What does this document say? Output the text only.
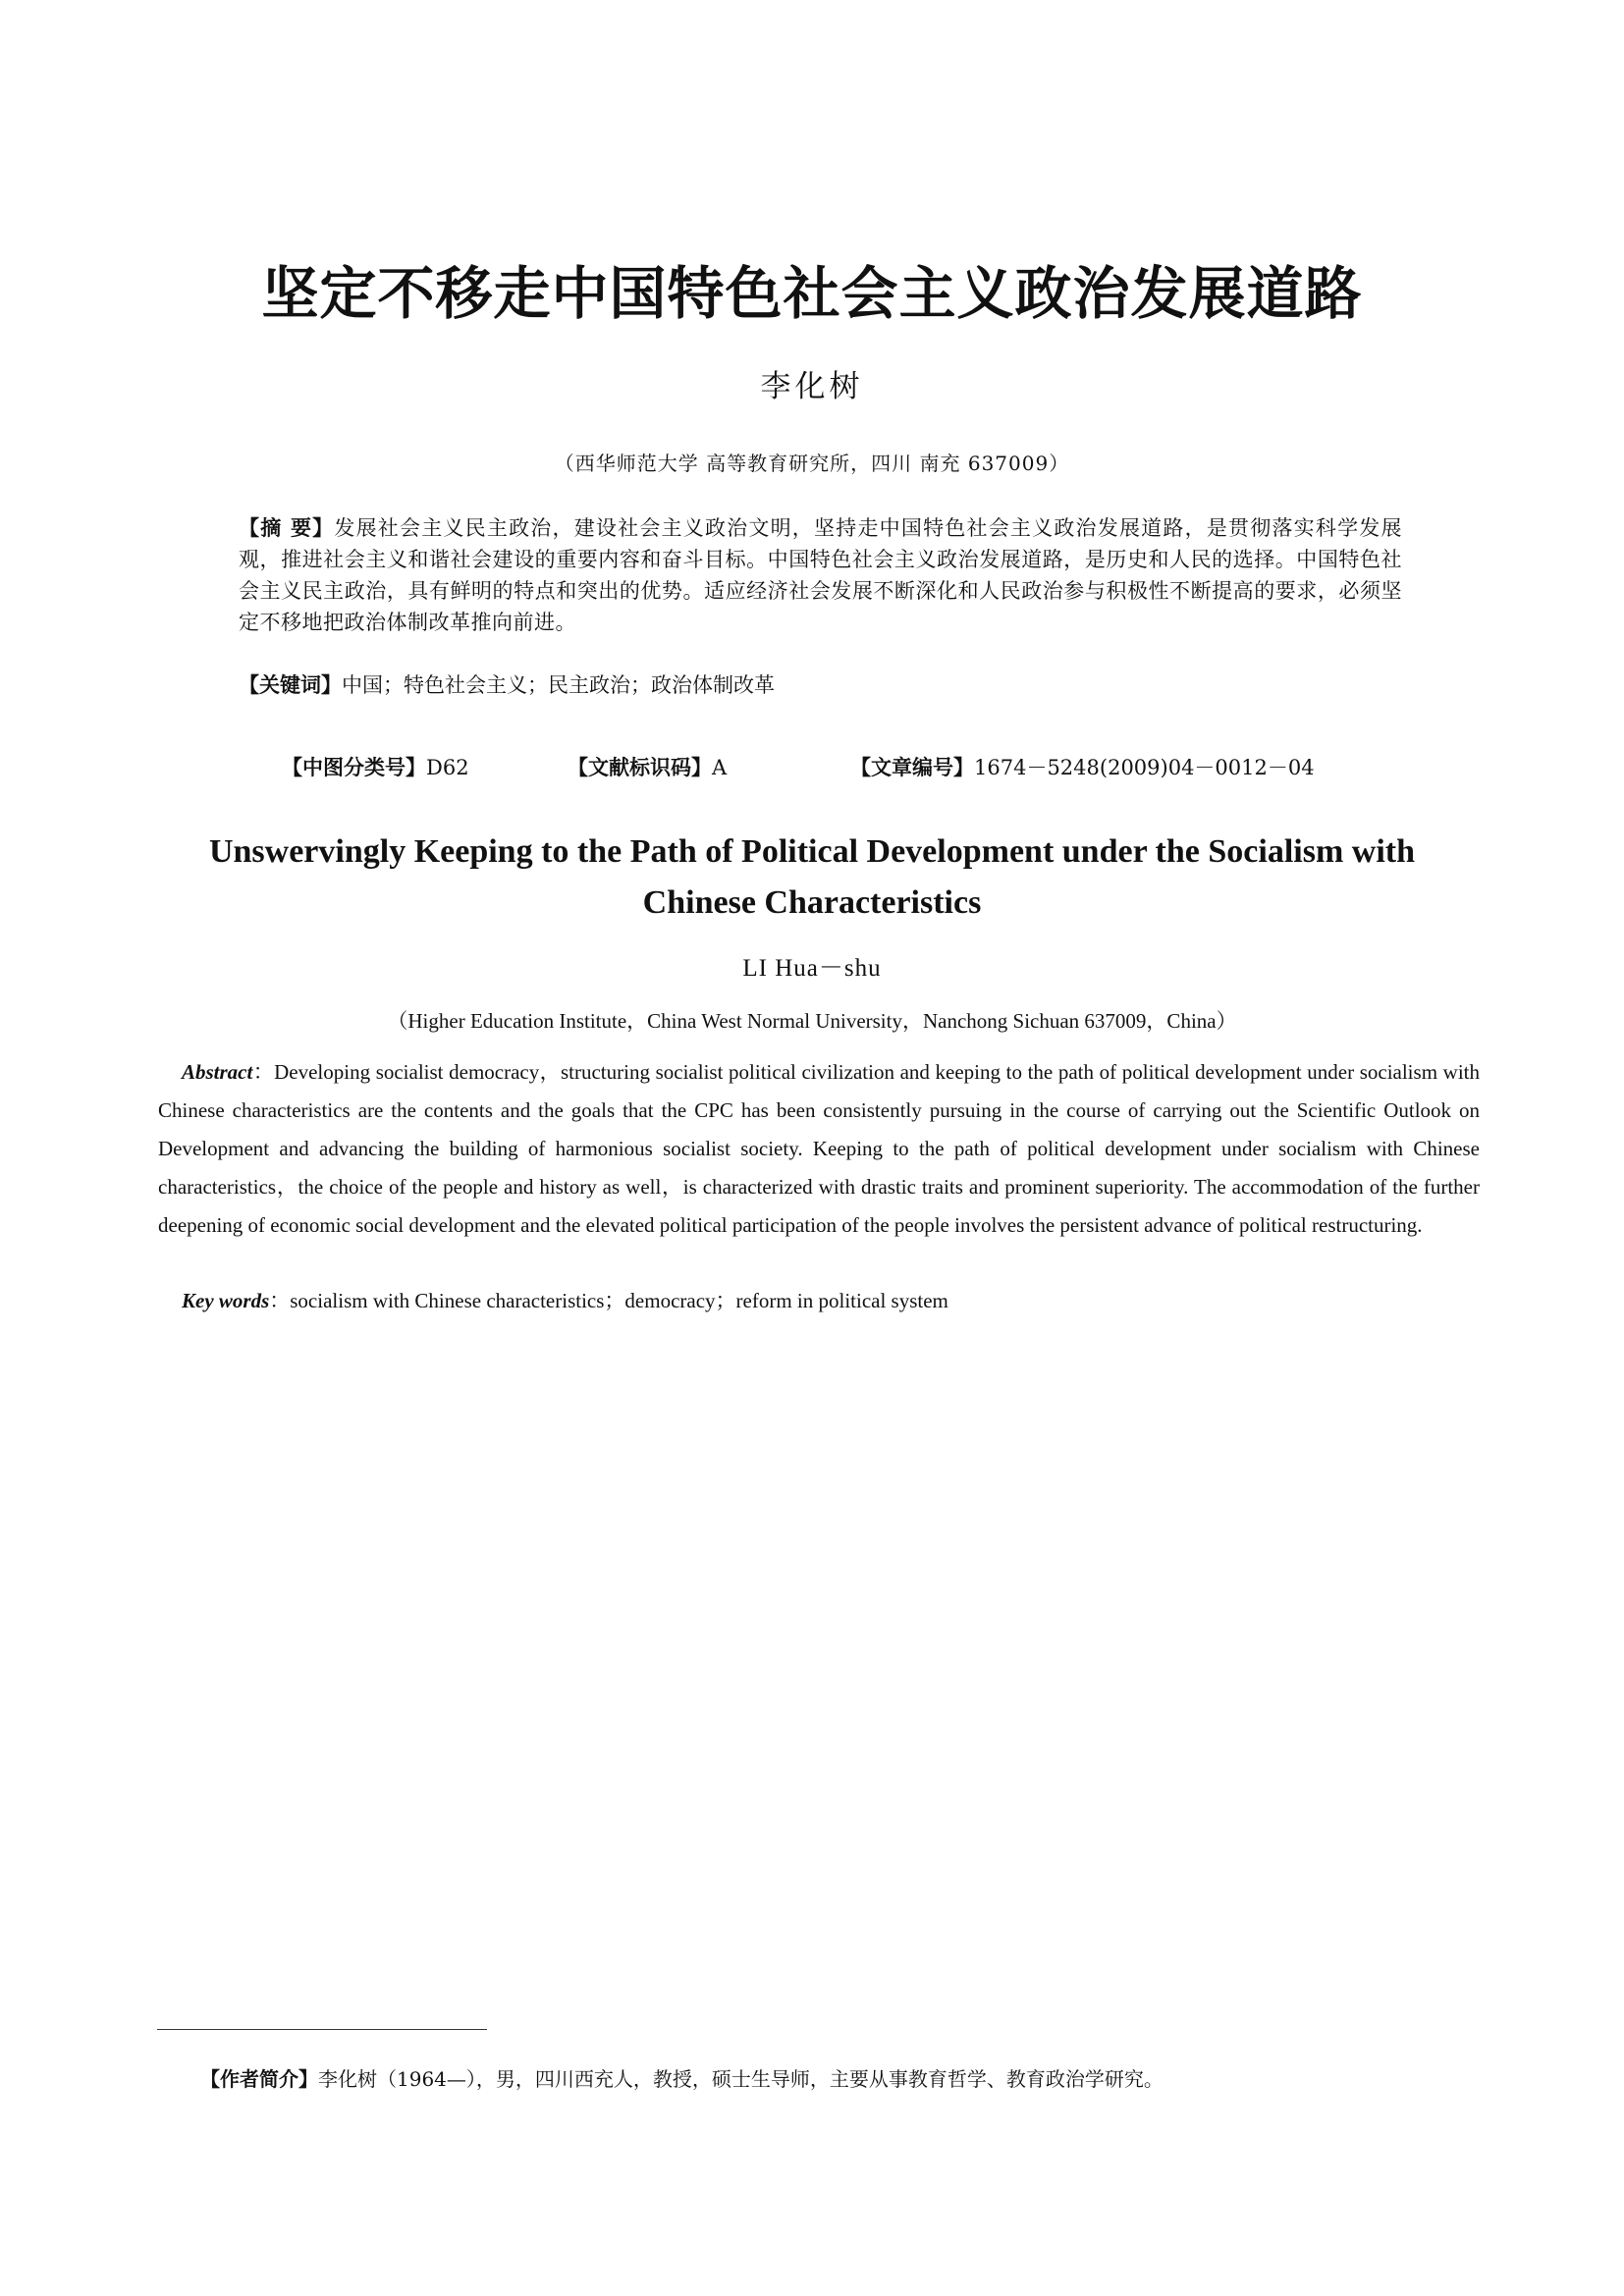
坚定不移走中国特色社会主义政治发展道路
李化树
（西华师范大学 高等教育研究所，四川 南充 637009）
【摘 要】发展社会主义民主政治，建设社会主义政治文明，坚持走中国特色社会主义政治发展道路，是贯彻落实科学发展观，推进社会主义和谐社会建设的重要内容和奋斗目标。中国特色社会主义政治发展道路，是历史和人民的选择。中国特色社会主义民主政治，具有鲜明的特点和突出的优势。适应经济社会发展不断深化和人民政治参与积极性不断提高的要求，必须坚定不移地把政治体制改革推向前进。
【关键词】中国；特色社会主义；民主政治；政治体制改革
【中图分类号】D62	【文献标识码】A	【文章编号】1674－5248(2009)04－0012－04
Unswervingly Keeping to the Path of Political Development under the Socialism with Chinese Characteristics
LI Hua－shu
（Higher Education Institute，China West Normal University，Nanchong Sichuan 637009，China）
Abstract：Developing socialist democracy，structuring socialist political civilization and keeping to the path of political development under socialism with Chinese characteristics are the contents and the goals that the CPC has been consistently pursuing in the course of carrying out the Scientific Outlook on Development and advancing the building of harmonious socialist society. Keeping to the path of political development under socialism with Chinese characteristics，the choice of the people and history as well，is characterized with drastic traits and prominent superiority. The accommodation of the further deepening of economic social development and the elevated political participation of the people involves the persistent advance of political restructuring.
Key words：socialism with Chinese characteristics；democracy；reform in political system
【作者简介】李化树（1964—），男，四川西充人，教授，硕士生导师，主要从事教育哲学、教育政治学研究。
